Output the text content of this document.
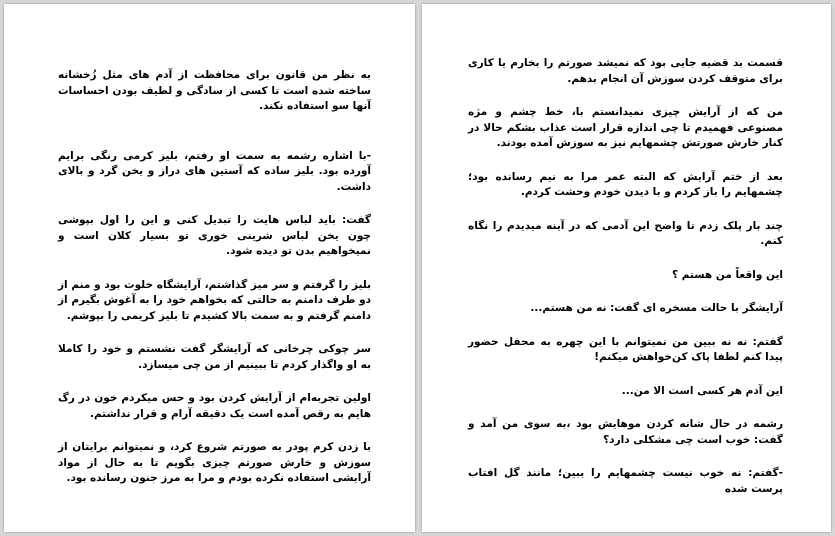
به نظر من قانون برای محافظت از آدم های مثل زُخشانه ساخته شده است تا کسی از سادگی و لطیف بودن احساسات آنها سو استفاده نکند.

-با اشاره رشمه به سمت او رفتم، بلیز کرمی رنگی برایم آورده بود. بلیز ساده که آستین های دراز و یخن گرد و بالای داشت.

گفت: باید لباس هایت را تبدیل کنی و این را اول بپوشی چون یخن لباس شرینی خوری تو بسیار کلان است و نمیخواهیم بدن تو دیده شود.

بلیز را گرفتم و سر میز گذاشتم، آرایشگاه خلوت بود و منم از دو طرف دامنم به حالتی که بخواهم خود را به آغوش بگیرم از دامنم گرفتم و به سمت بالا کشیدم تا بلیز کریمی را بپوشم.

سر چوکی چرخانی که آرایشگر گفت نشستم و خود را کاملا به او واگذار کردم تا ببینیم از من چی میسازد.

اولین تجربه‌ام از آرایش کردن بود و حس میکردم خون در رگ هایم به رقص آمده است یک دقیقه آرام و قرار نداشتم.

با زدن کرم پودر به صورتم شروع کرد، و نمیتوانم برایتان از سوزش و خارش صورتم چیزی بگویم تا به حال از مواد آرایشی استفاده نکرده بودم و مرا به مرز جنون رسانده بود.

قسمت بد قضیه جایی بود که نمیشد صورتم را بخارم یا کاری برای متوقف کردن سوزش آن انجام بدهم.

من که از آرایش چیزی نمیدانستم با، خط چشم و مژه مصنوعی فهمیدم تا چی اندازه قرار است عذاب بشکم حالا در کنار خارش صورتش چشمهایم نیز به سوزش آمده بودند.

بعد از ختم آرایش که البته عمر مرا به نیم رسانده بود؛ چشمهایم را باز کردم و با دیدن خودم وحشت کردم.

چند بار پلک زدم تا واضح این آدمی که در آینه میدیدم را نگاه کنم.

این واقعاً من هستم ؟

آرایشگر با حالت مسخره ای گفت: نه من هستم...

گفتم: نه نه ببین من نمیتوانم با این چهره به محفل حضور پیدا کنم لطفا پاک کن‌خواهش میکنم!

این آدم هر کسی است الا من...

رشمه در حال شانه کردن موهایش بود ،به سوی من آمد و گفت: خوب است چی مشکلی دارد؟

-گفتم: نه خوب نیست چشمهایم را ببین؛ مانند گل افتاب پرست شده
